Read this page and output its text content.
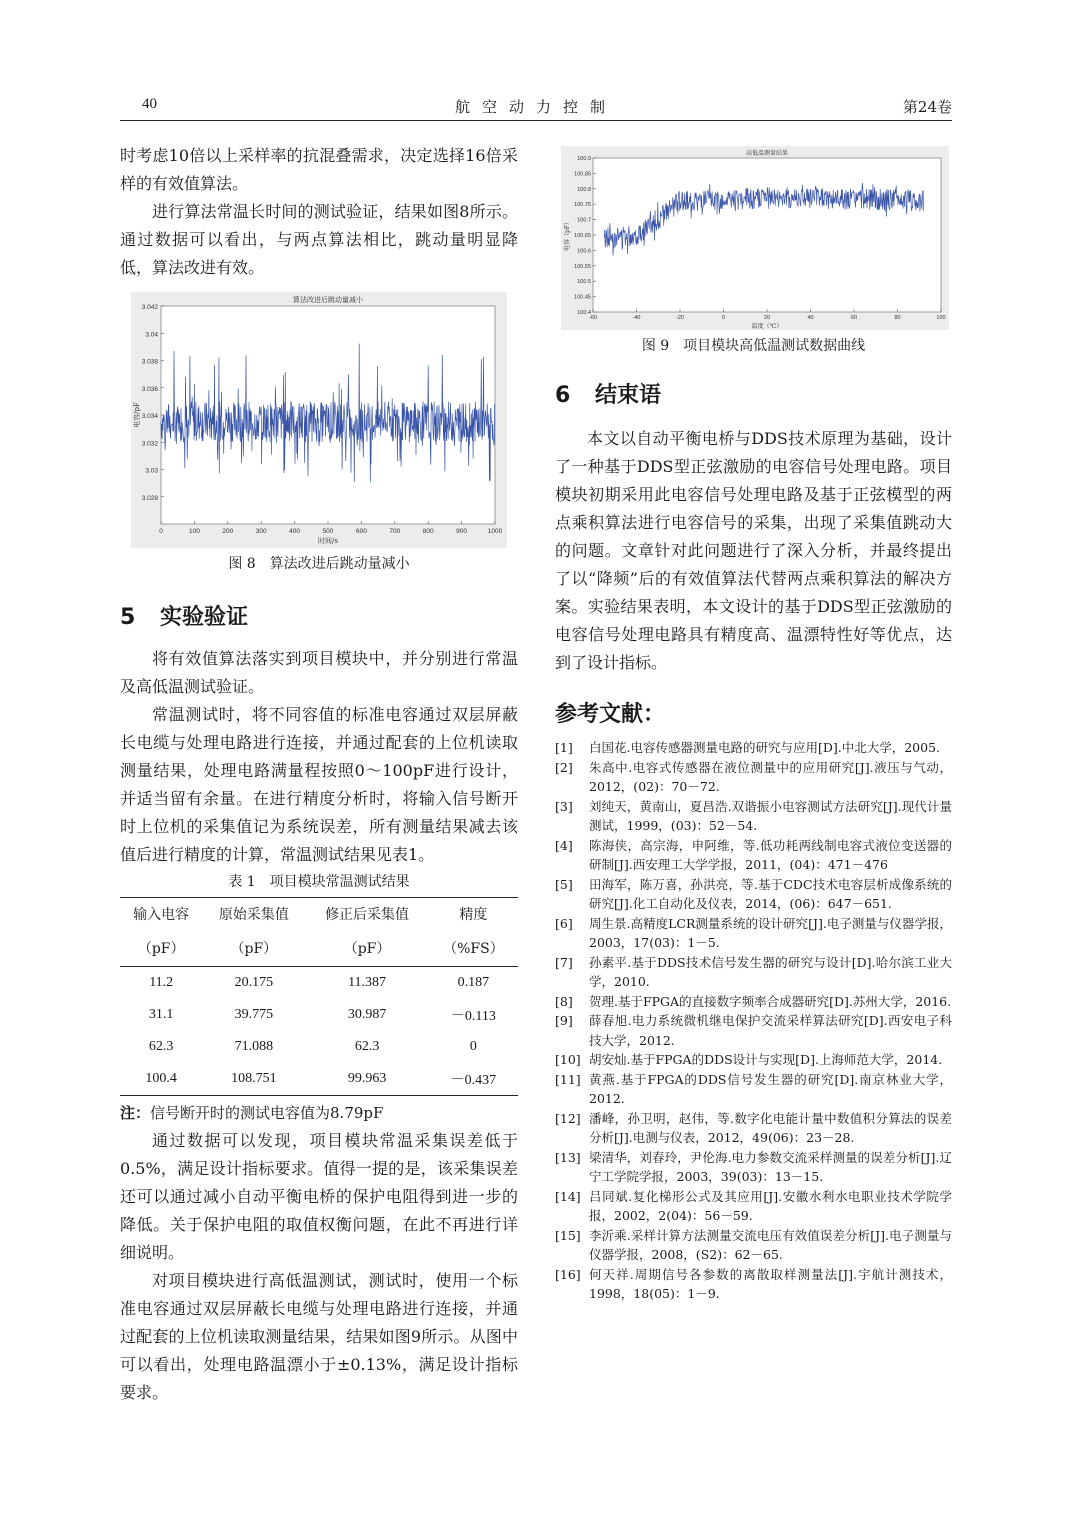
40	航空动力控制	第24卷

时考虑10倍以上采样率的抗混叠需求，决定选择16倍采样的有效值算法。

进行算法常温长时间的测试验证，结果如图8所示。通过数据可以看出，与两点算法相比，跳动量明显降低，算法改进有效。

3.042
3.04
3.038
3.036
3.034
3.032
3.03
3.028
0	100	200	300	400	500	600	700	800	900	1000
算法改进后跳动量减小
时间/s
电容/pF
图 8　算法改进后跳动量减小
5 实验验证

将有效值算法落实到项目模块中，并分别进行常温及高低温测试验证。

常温测试时，将不同容值的标准电容通过双层屏蔽长电缆与处理电路进行连接，并通过配套的上位机读取测量结果，处理电路满量程按照0～100pF进行设计，并适当留有余量。在进行精度分析时，将输入信号断开时上位机的采集值记为系统误差，所有测量结果减去该值后进行精度的计算，常温测试结果见表1。

表 1　项目模块常温测试结果
输入电容	原始采集值	修正后采集值	精度
（pF）	（pF）	（pF）	（%FS）
11.2	20.175	11.387	0.187
31.1	39.775	30.987	－0.113
62.3	71.088	62.3	0
100.4	108.751	99.963	－0.437
注：信号断开时的测试电容值为8.79pF

通过数据可以发现，项目模块常温采集误差低于0.5%，满足设计指标要求。值得一提的是，该采集误差还可以通过减小自动平衡电桥的保护电阻得到进一步的降低。关于保护电阻的取值权衡问题，在此不再进行详细说明。

对项目模块进行高低温测试，测试时，使用一个标准电容通过双层屏蔽长电缆与处理电路进行连接，并通过配套的上位机读取测量结果，结果如图9所示。从图中可以看出，处理电路温漂小于±0.13%，满足设计指标要求。

100.9
100.85
100.8
100.75
100.7
100.65
100.6
100.55
100.5
100.45
100.4
-60	-40	-20	0	20	40	60	80	100
高低温测量结果
温度（℃）
电容（pF）
图 9　项目模块高低温测试数据曲线
6 结束语

本文以自动平衡电桥与DDS技术原理为基础，设计了一种基于DDS型正弦激励的电容信号处理电路。项目模块初期采用此电容信号处理电路及基于正弦模型的两点乘积算法进行电容信号的采集，出现了采集值跳动大的问题。文章针对此问题进行了深入分析，并最终提出了以“降频”后的有效值算法代替两点乘积算法的解决方案。实验结果表明，本文设计的基于DDS型正弦激励的电容信号处理电路具有精度高、温漂特性好等优点，达到了设计指标。

参考文献：
[1]	白国花.电容传感器测量电路的研究与应用[D].中北大学，2005.
[2]	朱高中.电容式传感器在液位测量中的应用研究[J].液压与气动，2012，(02)：70－72.
[3]	刘纯天，黄南山，夏昌浩.双谐振小电容测试方法研究[J].现代计量测试，1999，(03)：52－54.
[4]	陈海侠，高宗海，申阿维，等.低功耗两线制电容式液位变送器的研制[J].西安理工大学学报，2011，(04)：471－476
[5]	田海军，陈万喜，孙洪亮，等.基于CDC技术电容层析成像系统的研究[J].化工自动化及仪表，2014，(06)：647－651.
[6]	周生景.高精度LCR测量系统的设计研究[J].电子测量与仪器学报，2003，17(03)：1－5.
[7]	孙素平.基于DDS技术信号发生器的研究与设计[D].哈尔滨工业大学，2010.
[8]	贺理.基于FPGA的直接数字频率合成器研究[D].苏州大学，2016.
[9]	薛春旭.电力系统微机继电保护交流采样算法研究[D].西安电子科技大学，2012.
[10] 胡安灿.基于FPGA的DDS设计与实现[D].上海师范大学，2014.
[11] 黄燕.基于FPGA的DDS信号发生器的研究[D].南京林业大学，2012.
[12] 潘峰，孙卫明，赵伟，等.数字化电能计量中数值积分算法的误差分析[J].电测与仪表，2012，49(06)：23－28.
[13] 梁清华，刘春玲，尹伦海.电力参数交流采样测量的误差分析[J].辽宁工学院学报，2003，39(03)：13－15.
[14] 吕同斌.复化梯形公式及其应用[J].安徽水利水电职业技术学院学报，2002，2(04)：56－59.
[15] 李沂乘.采样计算方法测量交流电压有效值误差分析[J].电子测量与仪器学报，2008，(S2)：62－65.
[16] 何天祥.周期信号各参数的离散取样测量法[J].宇航计测技术，1998，18(05)：1－9.
